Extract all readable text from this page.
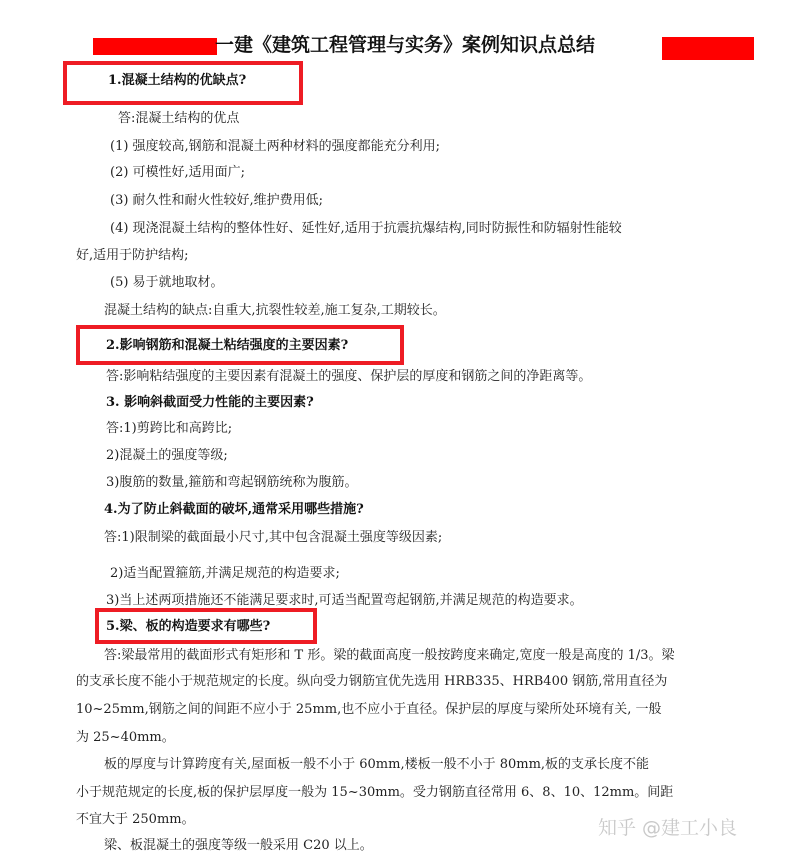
一建《建筑工程管理与实务》案例知识点总结
1.混凝土结构的优缺点?
答:混凝土结构的优点
(1) 强度较高,钢筋和混凝土两种材料的强度都能充分利用;
(2) 可模性好,适用面广;
(3) 耐久性和耐火性较好,维护费用低;
(4) 现浇混凝土结构的整体性好、延性好,适用于抗震抗爆结构,同时防振性和防辐射性能较
好,适用于防护结构;
(5) 易于就地取材。
混凝土结构的缺点:自重大,抗裂性较差,施工复杂,工期较长。
2.影响钢筋和混凝土粘结强度的主要因素?
答:影响粘结强度的主要因素有混凝土的强度、保护层的厚度和钢筋之间的净距离等。
3. 影响斜截面受力性能的主要因素?
答:1)剪跨比和高跨比;
2)混凝土的强度等级;
3)腹筋的数量,箍筋和弯起钢筋统称为腹筋。
4.为了防止斜截面的破坏,通常采用哪些措施?
答:1)限制梁的截面最小尺寸,其中包含混凝土强度等级因素;
2)适当配置箍筋,并满足规范的构造要求;
3)当上述两项措施还不能满足要求时,可适当配置弯起钢筋,并满足规范的构造要求。
5.梁、板的构造要求有哪些?
答:梁最常用的截面形式有矩形和 T 形。梁的截面高度一般按跨度来确定,宽度一般是高度的 1/3。梁
的支承长度不能小于规范规定的长度。纵向受力钢筋宜优先选用 HRB335、HRB400 钢筋,常用直径为
10~25mm,钢筋之间的间距不应小于 25mm,也不应小于直径。保护层的厚度与梁所处环境有关, 一般
为 25~40mm。
板的厚度与计算跨度有关,屋面板一般不小于 60mm,楼板一般不小于 80mm,板的支承长度不能
小于规范规定的长度,板的保护层厚度一般为 15~30mm。受力钢筋直径常用 6、8、10、12mm。间距
不宜大于 250mm。
梁、板混凝土的强度等级一般采用 C20 以上。
知乎 @建工小良
